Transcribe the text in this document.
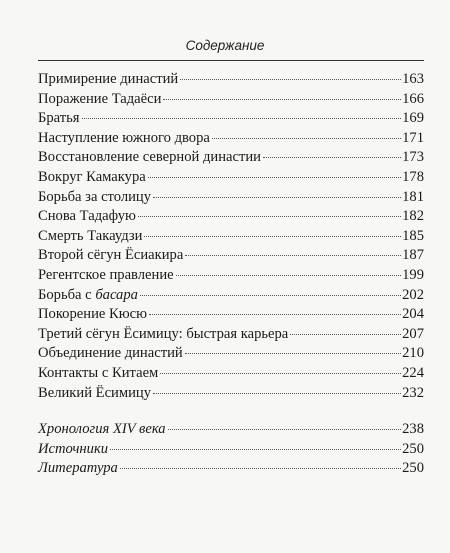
Содержание
Примирение династий	163
Поражение Тадаёси	166
Братья	169
Наступление южного двора	171
Восстановление северной династии	173
Вокруг Камакура	178
Борьба за столицу	181
Снова Тадафую	182
Смерть Такаудзи	185
Второй сёгун Ёсиакира	187
Регентское правление	199
Борьба с басара	202
Покорение Кюсю	204
Третий сёгун Ёсимицу: быстрая карьера	207
Объединение династий	210
Контакты с Китаем	224
Великий Ёсимицу	232
Хронология XIV века	238
Источники	250
Литература	250
